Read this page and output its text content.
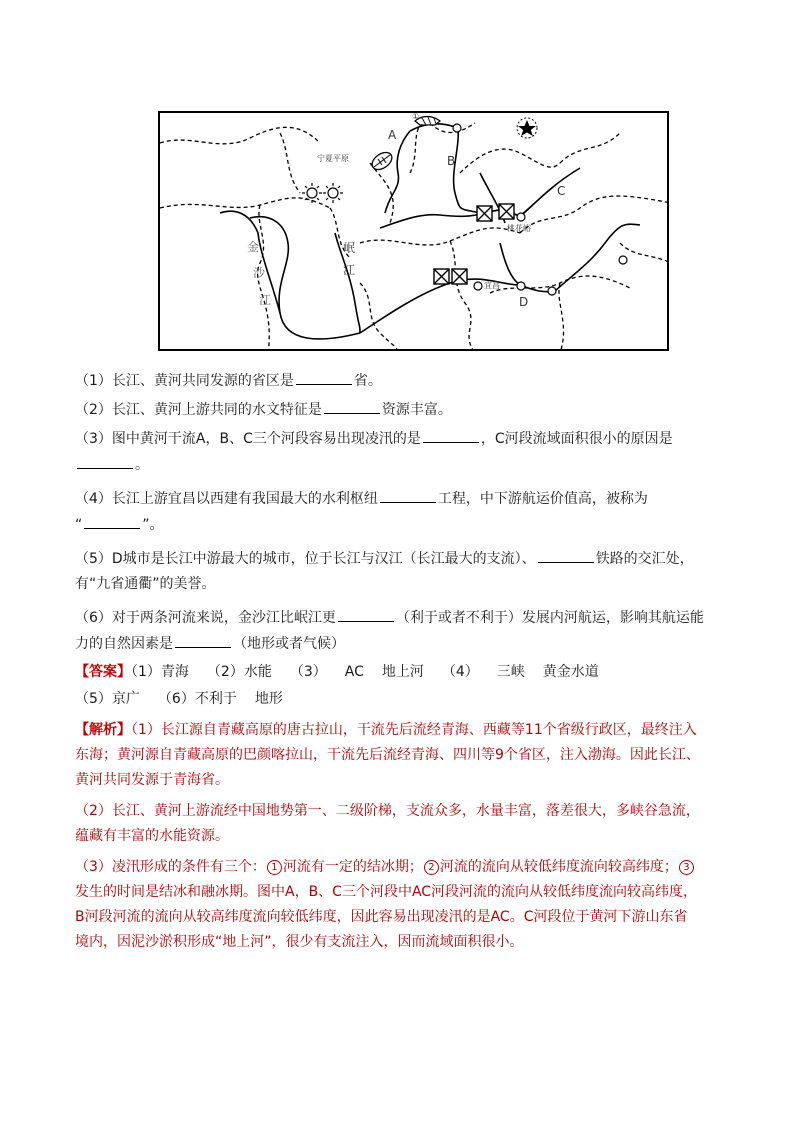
A
①
宁夏平原	B
C
桃花峪
宜昌
D
金
沙
江
岷
江
（1）长江、黄河共同发源的省区是	省。
（2）长江、黄河上游共同的水文特征是	资源丰富。
（3）图中黄河干流A，B、C三个河段容易出现凌汛的是	，C河段流域面积很小的原因是
。
（4）长江上游宜昌以西建有我国最大的水利枢纽	工程，中下游航运价值高，被称为
“	”。
（5）D城市是长江中游最大的城市，位于长江与汉江（长江最大的支流）、	铁路的交汇处，
有“九省通衢”的美誉。
（6）对于两条河流来说，金沙江比岷江更	（利于或者不利于）发展内河航运，影响其航运能
力的自然因素是	（地形或者气候）
【答案】（1）青海 （2）水能 （3） AC 地上河 （4） 三峡 黄金水道
（5）京广 （6）不利于 地形
【解析】（1）长江源自青藏高原的唐古拉山，干流先后流经青海、西藏等11个省级行政区，最终注入
东海；黄河源自青藏高原的巴颜喀拉山，干流先后流经青海、四川等9个省区，注入渤海。因此长江、
黄河共同发源于青海省。
（2）长江、黄河上游流经中国地势第一、二级阶梯，支流众多，水量丰富，落差很大，多峡谷急流，
蕴藏有丰富的水能资源。
（3）凌汛形成的条件有三个： 1 河流有一定的结冰期； 2 河流的流向从较低纬度流向较高纬度； 3
发生的时间是结冰和融冰期。图中A，B、C三个河段中AC河段河流的流向从较低纬度流向较高纬度，
B河段河流的流向从较高纬度流向较低纬度，因此容易出现凌汛的是AC。C河段位于黄河下游山东省
境内，因泥沙淤积形成“地上河”，很少有支流注入，因而流域面积很小。
